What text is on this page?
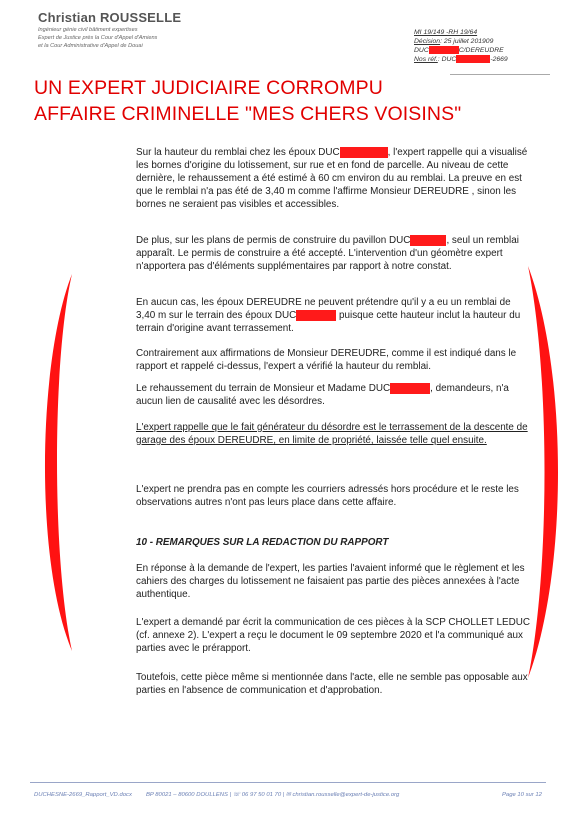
Christian ROUSSELLE
Ingénieur génie civil bâtiment expertises
Expert de Justice près la Cour d'Appel d'Amiens
et la Cour Administrative d'Appel de Douai
MI 19/149 -RH 19/64
Décision: 25 juillet 201909
DUC	C/DEREUDRE
Nos réf.: DUC	-2669
UN EXPERT JUDICIAIRE CORROMPU
AFFAIRE CRIMINELLE "MES CHERS VOISINS"
Sur la hauteur du remblai chez les époux DUC	, l'expert rappelle qui a visualisé les bornes d'origine du lotissement, sur rue et en fond de parcelle. Au niveau de cette dernière, le rehaussement a été estimé à 60 cm environ du au remblai. La preuve en est que le remblai n'a pas été de 3,40 m comme l'affirme Monsieur DEREUDRE , sinon les bornes ne seraient pas visibles et accessibles.
De plus, sur les plans de permis de construire du pavillon DUC	, seul un remblai apparaît. Le permis de construire a été accepté. L'intervention d'un géomètre expert n'apportera pas d'éléments supplémentaires par rapport à notre constat.
En aucun cas, les époux DEREUDRE ne peuvent prétendre qu'il y a eu un remblai de 3,40 m sur le terrain des époux DUC	puisque cette hauteur inclut la hauteur du terrain d'origine avant terrassement.
Contrairement aux affirmations de Monsieur DEREUDRE, comme il est indiqué dans le rapport et rappelé ci-dessus, l'expert a vérifié la hauteur du remblai.
Le rehaussement du terrain de Monsieur et Madame DUC	, demandeurs, n'a aucun lien de causalité avec les désordres.
L'expert rappelle que le fait générateur du désordre est le terrassement de la descente de garage des époux DEREUDRE, en limite de propriété, laissée telle quel ensuite.
L'expert ne prendra pas en compte les courriers adressés hors procédure et le reste les observations autres n'ont pas leurs place dans cette affaire.
10 - REMARQUES SUR LA REDACTION DU RAPPORT
En réponse à la demande de l'expert, les parties l'avaient informé que le règlement et les cahiers des charges du lotissement ne faisaient pas partie des pièces annexées à l'acte authentique.
L'expert a demandé par écrit la communication de ces pièces à la SCP CHOLLET LEDUC (cf. annexe 2). L'expert a reçu le document le 09 septembre 2020 et l'a communiqué aux parties avec le prérapport.
Toutefois, cette pièce même si mentionnée dans l'acte, elle ne semble pas opposable aux parties en l'absence de communication et d'approbation.
DUCHESNE-2669_Rapport_VD.docx BP 80021 – 80600 DOULLENS | ☏ 06 97 50 01 70 | ✉ christian.rousselle@expert-de-justice.org	Page 10 sur 12
